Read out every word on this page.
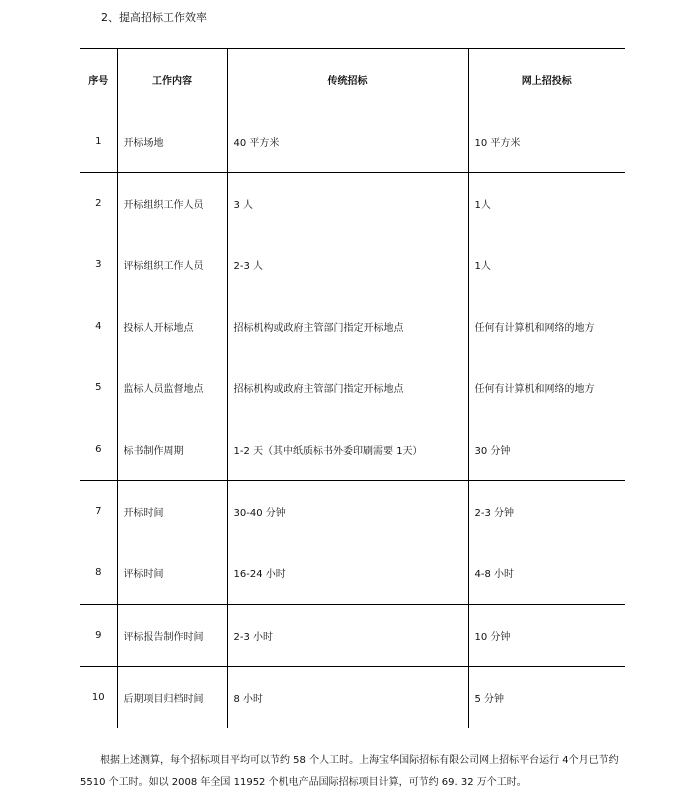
2、提高招标工作效率
序号	工作内容	传统招标	网上招投标
1	开标场地	40 平方米	10 平方米
2	开标组织工作人员	3 人	1人
3	评标组织工作人员	2-3 人	1人
4	投标人开标地点	招标机构或政府主管部门指定开标地点	任何有计算机和网络的地方
5	监标人员监督地点	招标机构或政府主管部门指定开标地点	任何有计算机和网络的地方
6	标书制作周期	1-2 天（其中纸质标书外委印刷需要 1天）	30 分钟
7	开标时间	30-40 分钟	2-3 分钟
8	评标时间	16-24 小时	4-8 小时
9	评标报告制作时间	2-3 小时	10 分钟
10	后期项目归档时间	8 小时	5 分钟

根据上述测算，每个招标项目平均可以节约 58 个人工时。上海宝华国际招标有限公司网上招标平台运行 4个月已节约 5510 个工时。如以 2008 年全国 11952 个机电产品国际招标项目计算，可节约 69. 32 万个工时。
